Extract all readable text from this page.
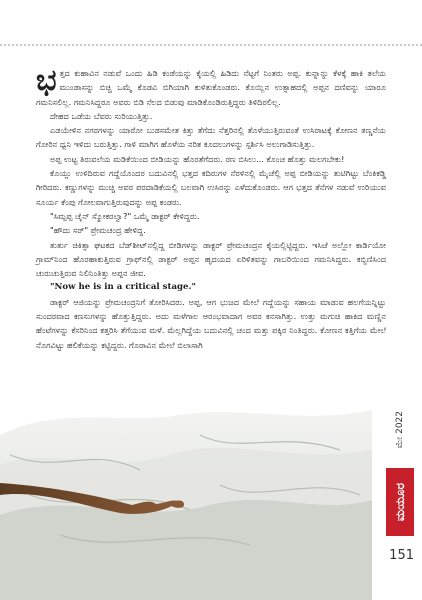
ಭತ್ತದ ಕುಹಾವಿನ ನಡುವೆ ಒಂದು ಹಿಡಿ ಕಂಡೆಯನ್ನು ಕೈಯಲ್ಲಿ ಹಿಡಿದು ನೆಟ್ಟಗೆ ನಿಂತರು ಅಪ್ಪ. ಕುನ್ನಾನ್ನು ಕೆಳಕ್ಕೆ ಹಾಕಿ ತಲೆಯ ಮುಂಡಾಸನ್ನು ಬಿಚ್ಚಿ ಒಮ್ಮೆ ಕೊಡವಿ ಬಿಗಿಯಾಗಿ ಕುಳಿತುಕೊಂಡರು. ಕೊಯ್ಲಿನ ಉತ್ಸಾಹದಲ್ಲಿ ಅಪ್ಪನ ದಣಿವನ್ನು ಯಾರೂ ಗಮನಿಸಲಿಲ್ಲ. ಗಮನಿಸಿದ್ದರೂ ಅವರು ಬಿಡಿ ನೆಲದ ಬಿಡುವು ಮಾಡಿಕೊಂಡಿರುತ್ತಿದ್ದರು ತಿಳಿದಿರಲಿಲ್ಲ.

ದೇಹದ ಒಡೆಯ ಬೆವರು ಸುರಿಯುತ್ತಿತ್ತು.

ಎಡಯೇಳಿನ ನಗರಗಳನ್ನು ಯಾರೋ ಬುಡಸಮೇತ ಕಿತ್ತು ತೆಗೆದು ನೆತ್ತರಿನಲ್ಲಿ ತೊಳೆಯುತ್ತಿರುವಂತೆ ಉಸಿರಾಟಕ್ಕೆ ಕೋಣನ ತಣ್ಣನೆಯ ಗೋರಿನ ಧ್ವನಿ ಇಳಿದು ಬರುತ್ತಿತ್ತು. ಗಾಳಿ ಮಾಗಿಗ ಹೊಳೆಯ ನರಿತ ಕೂದಲುಗಳನ್ನು ಸ್ಪರ್ಶಿಸಿ ಅಲುಗಾಡಿಸುತ್ತಿತ್ತು.

ಅಪ್ಪ ಉಟ್ಟ ತಿರುವಲೆಯ ಮಡಿಕೆಯಿಂದ ಬೀಡಿಯನ್ನು ಹೊರತೆಗೆದರು. ರಣ ಬಿಸಿಲು... ಕೊಂಚ ಹೊತ್ತು ಮಲಗಬೇಕು!

ಕೊಯ್ಲು ಉಳಿದಿರುವ ಗದ್ದೆಯೊಂದರ ಬದುವಿನಲ್ಲಿ ಭತ್ತದ ಕದಿರುಗಳ ನೆರಳಿನಲ್ಲಿ ಮೈಚೆಲ್ಲಿ ಅಪ್ಪ ಬೀಡಿಯನ್ನು ತುಟಿಗಿಟ್ಟು ಬೆಂಕಿಕಡ್ಡಿ ಗೀರಿದರು. ಕಣ್ಣುಗಳನ್ನು ಮುಚ್ಚಿ ಅವರ ಪರದಾಡಿಕೆಯಲ್ಲಿ ಬಲವಾಗಿ ಉಸಿರನ್ನು ಎಳೆದುಕೊಂಡರು. ಆಗ ಭತ್ತದ ತೆನೆಗಳ ನಡುವೆ ಉರಿಯುವ ಸೂರ್ಯ ಕೆಂಪು ಗೋಲವಾಗುತ್ತಿರುವುದನ್ನು ಅಪ್ಪ ಕಂಡರು.

"ಸಿಮ್ಪಪ್ಪ ಚೈನ್ ಸ್ಮೋಕರಲ್ವಾ?" ಒಮ್ಮೆ ಡಾಕ್ಟರ್ ಕೇಳಿದ್ದರು.

"ಹೌದು ಸರ್" ಪ್ರೇಮಚಂದ್ರ ಹೇಳಿದ್ದ.

ತುರ್ತು ಚಿಕಿತ್ಸಾ ಘಟಕದ ಬೆಡ್‌ಶೀಟ್‌ನಲ್ಲಿದ್ದ ಬೀಡಿಗಳನ್ನು ಡಾಕ್ಟರ್ ಪ್ರೇಮಚಂದ್ರನ ಕೈಯಲ್ಲಿಟ್ಟಿದ್ದರು. ಇಸಿಜೆ ಅಲ್ಲೋ ಕಾರ್ಡಿಯೋ ಗ್ರಾಮ್‌ನಿಂದ ಹೊರಹಾಕುತ್ತಿರುವ ಗ್ರಾಫ್‌ನಲ್ಲಿ ಡಾಕ್ಟರ್ ಅಪ್ಪನ ಹೃದಯದ ಏರಿಳಿತವನ್ನು ಗಾಬರಿಯಿಂದ ಗಮನಿಸಿದ್ದರು. ಕಬ್ಬಿಣಿಸಿಂದ ಚುರುಚುತ್ತಿರುವ ನಿಲಿನಿಂತಿತ್ತು ಅಪ್ಪನ ಜೀವ.

"Now he is in a critical stage."

ಡಾಕ್ಟರ್ ಆಜಿಯನ್ನು ಪ್ರೇಮಚಂದ್ರನಿಗೆ ತೋರಿಸಿದರು. ಅಪ್ಪ, ಆಗ ಭುಜದ ಮೇಲೆ ಗದ್ದೆಯನ್ನು ಸಹಾಯ ಮಾಡುವ ಹಲಗೆಯನ್ನಿಟ್ಟು ಸುಂದರವಾದ ಕಣಸುಗಳನ್ನು ಹೊತ್ತುತ್ತಿದ್ದರು. ಅದು ಮಳೆಗಾಲ ಆರಂಭವಾದಾಗ ಅವರ ಕನಸಾಗಿತ್ತು. ಉತ್ತು ಮಗುಚಿ ಹಾಕಿದ ಮಣ್ಣಿನ ಹೆಂಟೆಗಳನ್ನು ಕೆಸರಿನಿಂದ ಕತ್ತರಿಸಿ ತೆಗೆಯುವ ಮಳೆ. ಮೆಲ್ಲಗಿದ್ದೆಯ ಬದುವಿನಲ್ಲಿ ಚಂದ ಮತ್ತು ಪಕ್ಕಿರ ನಿಂತಿದ್ದರು. ಕೋಣನ ಕತ್ತಿಗೆಯ ಮೇಲೆ ನೊಗವಿಟ್ಟು ಹಲಿಕೆಯನ್ನು ಕಟ್ಟಿದ್ದರು. ಗೊರಾವಿನ ಮೇಲೆ ಬಿಲಾಸಾಗಿ

ಮೇ 2022
ಮಯೂರ
151
